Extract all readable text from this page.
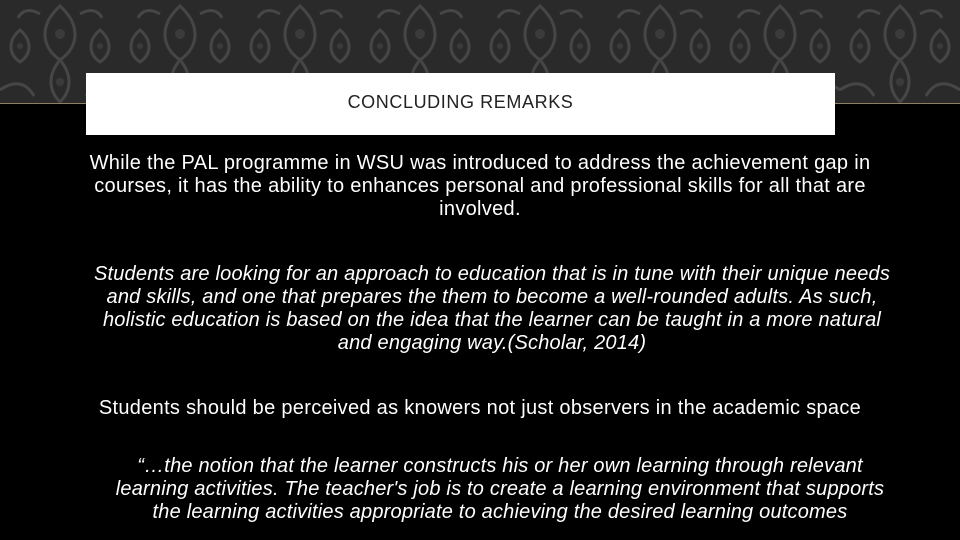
CONCLUDING REMARKS
While the PAL programme in WSU was introduced to address the achievement gap in courses, it has the ability to enhances personal and professional skills for all that are involved.
Students are looking for an approach to education that is in tune with their unique needs and skills, and one that prepares the them to become a well-rounded adults. As such, holistic education is based on the idea that the learner can be taught in a more natural and engaging way.(Scholar, 2014)
Students should be perceived as knowers not just observers in the academic space
“…the notion that the learner constructs his or her own learning through relevant learning activities. The teacher's job is to create a learning environment that supports the learning activities appropriate to achieving the desired learning outcomes
